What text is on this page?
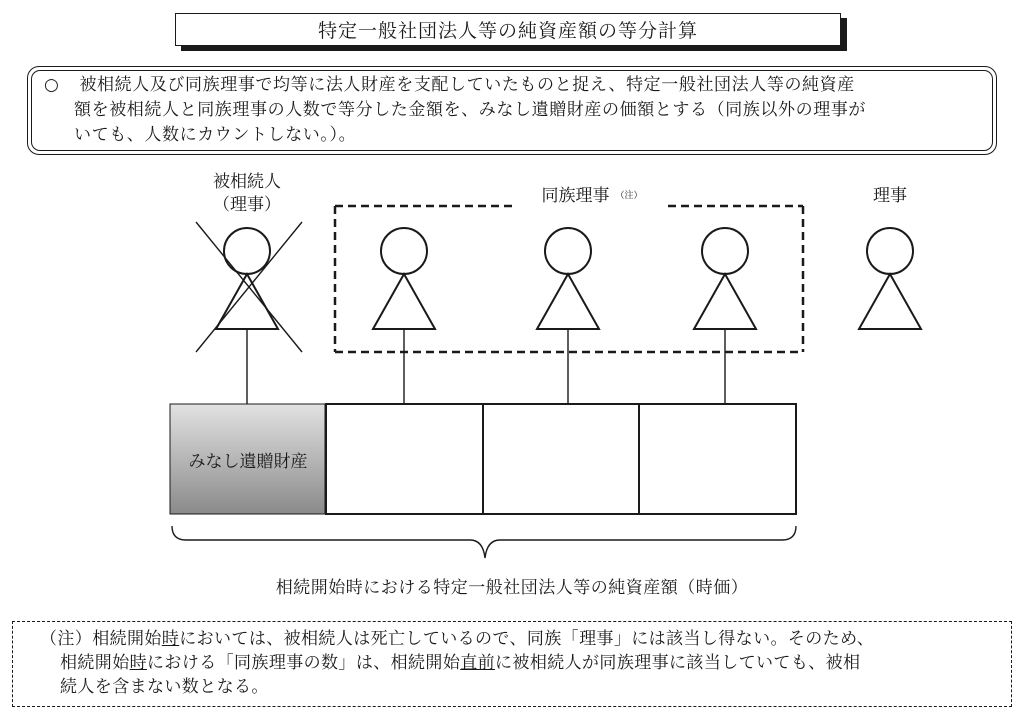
特定一般社団法人等の純資産額の等分計算
○ 被相続人及び同族理事で均等に法人財産を支配していたものと捉え、特定一般社団法人等の純資産
額を被相続人と同族理事の人数で等分した金額を、みなし遺贈財産の価額とする（同族以外の理事が
いても、人数にカウントしない。）。
被相続人
（理事）	同族理事 $^{(注)}$	理事
みなし遺贈財産
相続開始時における特定一般社団法人等の純資産額（時価）
（注）相続開始時においては、被相続人は死亡しているので、同族「理事」には該当し得ない。そのため、
相続開始時における「同族理事の数」は、相続開始直前に被相続人が同族理事に該当していても、被相
続人を含まない数となる。
